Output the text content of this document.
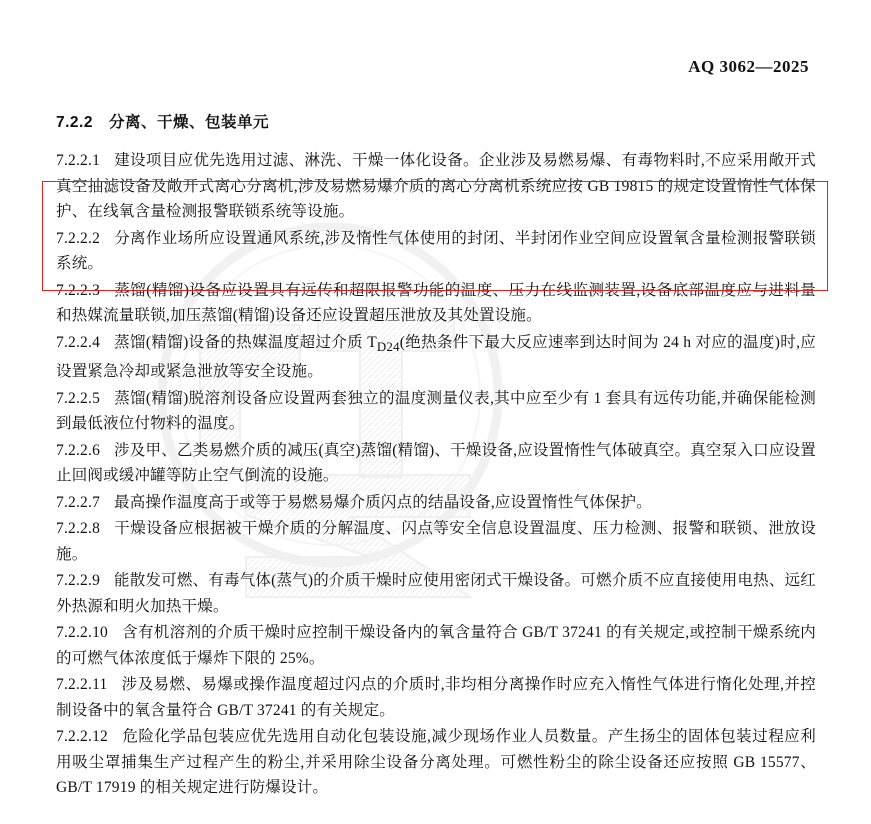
AQ 3062—2025
7.2.2 分离、干燥、包装单元

7.2.2.1 建设项目应优先选用过滤、淋洗、干燥一体化设备。企业涉及易燃易爆、有毒物料时,不应采用敞开式真空抽滤设备及敞开式离心分离机,涉及易燃易爆介质的离心分离机系统应按 GB 19815 的规定设置惰性气体保护、在线氧含量检测报警联锁系统等设施。

7.2.2.2 分离作业场所应设置通风系统,涉及惰性气体使用的封闭、半封闭作业空间应设置氧含量检测报警联锁系统。

7.2.2.3 蒸馏(精馏)设备应设置具有远传和超限报警功能的温度、压力在线监测装置,设备底部温度应与进料量和热媒流量联锁,加压蒸馏(精馏)设备还应设置超压泄放及其处置设施。

7.2.2.4 蒸馏(精馏)设备的热媒温度超过介质 $T_{D24}$(绝热条件下最大反应速率到达时间为 24 h 对应的温度)时,应设置紧急冷却或紧急泄放等安全设施。

7.2.2.5 蒸馏(精馏)脱溶剂设备应设置两套独立的温度测量仪表,其中应至少有 1 套具有远传功能,并确保能检测到最低液位付物料的温度。

7.2.2.6 涉及甲、乙类易燃介质的减压(真空)蒸馏(精馏)、干燥设备,应设置惰性气体破真空。真空泵入口应设置止回阀或缓冲罐等防止空气倒流的设施。

7.2.2.7 最高操作温度高于或等于易燃易爆介质闪点的结晶设备,应设置惰性气体保护。

7.2.2.8 干燥设备应根据被干燥介质的分解温度、闪点等安全信息设置温度、压力检测、报警和联锁、泄放设施。

7.2.2.9 能散发可燃、有毒气体(蒸气)的介质干燥时应使用密闭式干燥设备。可燃介质不应直接使用电热、远红外热源和明火加热干燥。

7.2.2.10 含有机溶剂的介质干燥时应控制干燥设备内的氧含量符合 GB/T 37241 的有关规定,或控制干燥系统内的可燃气体浓度低于爆炸下限的 25%。

7.2.2.11 涉及易燃、易爆或操作温度超过闪点的介质时,非均相分离操作时应充入惰性气体进行惰化处理,并控制设备中的氧含量符合 GB/T 37241 的有关规定。

7.2.2.12 危险化学品包装应优先选用自动化包装设施,减少现场作业人员数量。产生扬尘的固体包装过程应利用吸尘罩捕集生产过程产生的粉尘,并采用除尘设备分离处理。可燃性粉尘的除尘设备还应按照 GB 15577、GB/T 17919 的相关规定进行防爆设计。
